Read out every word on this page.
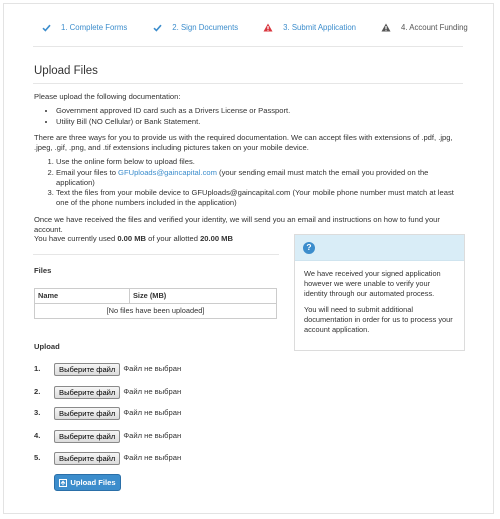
1. Complete Forms	2. Sign Documents	3. Submit Application	4. Account Funding
Upload Files

Please upload the following documentation:

• Government approved ID card such as a Drivers License or Passport.
• Utility Bill (NO Cellular) or Bank Statement.

There are three ways for you to provide us with the required documentation. We can accept files with extensions of .pdf, .jpg, .jpeg, .gif, .png, and .tif extensions including pictures taken on your mobile device.

1. Use the online form below to upload files.
2. Email your files to GFUploads@gaincapital.com (your sending email must match the email you provided on the application)
3. Text the files from your mobile device to GFUploads@gaincapital.com (Your mobile phone number must match at least one of the phone numbers included in the application)

Once we have received the files and verified your identity, we will send you an email and instructions on how to fund your account.

You have currently used 0.00 MB of your allotted 20.00 MB
Files
Name	Size (MB)
[No files have been uploaded]
Upload
1.	Выберите файл	Файл не выбран
2.	Выберите файл	Файл не выбран
3.	Выберите файл	Файл не выбран
4.	Выберите файл	Файл не выбран
5.	Выберите файл	Файл не выбран
Upload Files
?

We have received your signed application however we were unable to verify your identity through our automated process.

You will need to submit additional documentation in order for us to process your account application.
